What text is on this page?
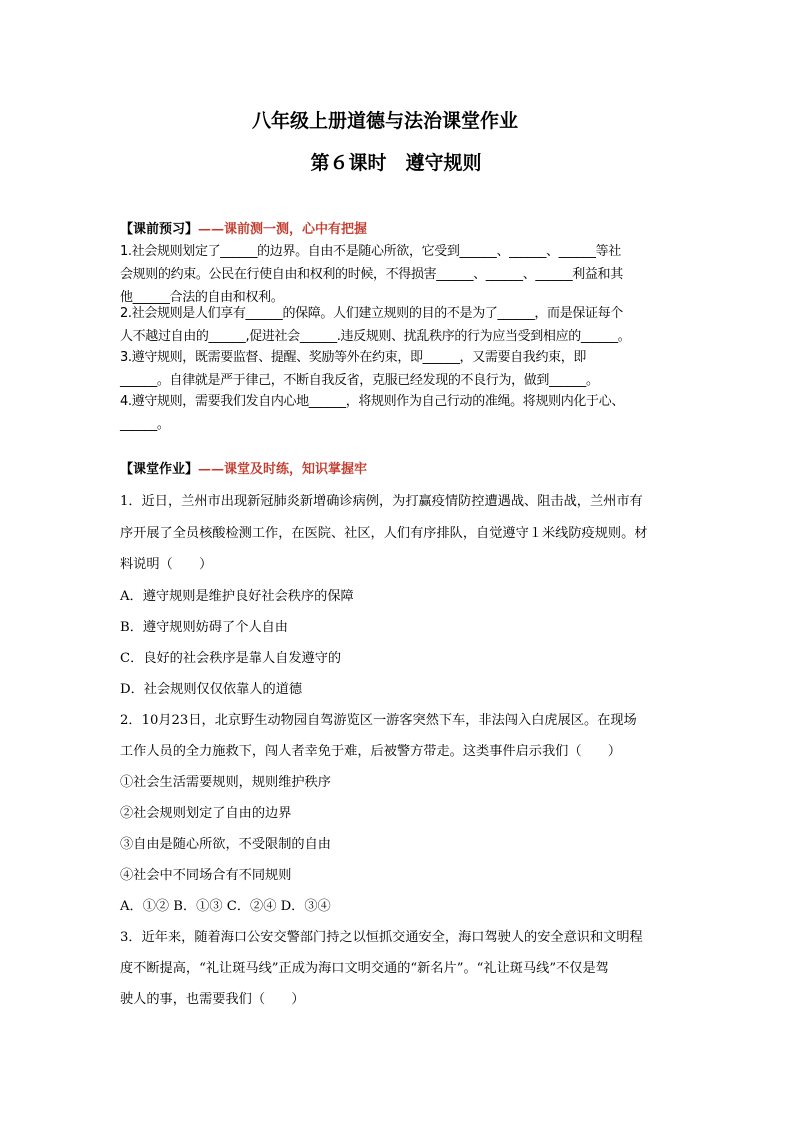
八年级上册道德与法治课堂作业
第６课时　遵守规则
【课前预习】——课前测一测，心中有把握
1.社会规则划定了______的边界。自由不是随心所欲，它受到______、______、______等社
会规则的约束。公民在行使自由和权利的时候，不得损害______、______、______利益和其
他______合法的自由和权利。
2.社会规则是人们享有______的保障。人们建立规则的目的不是为了______，而是保证每个
人不越过自由的______,促进社会______.违反规则、扰乱秩序的行为应当受到相应的______。
3.遵守规则，既需要监督、提醒、奖励等外在约束，即______，又需要自我约束，即
______。自律就是严于律己，不断自我反省，克服已经发现的不良行为，做到______。
4.遵守规则，需要我们发自内心地______，将规则作为自己行动的准绳。将规则内化于心、
______。
【课堂作业】——课堂及时练，知识掌握牢
1．近日，兰州市出现新冠肺炎新增确诊病例，为打赢疫情防控遭遇战、阻击战，兰州市有
序开展了全员核酸检测工作，在医院、社区，人们有序排队，自觉遵守１米线防疫规则。材
料说明（　　）
A．遵守规则是维护良好社会秩序的保障
B．遵守规则妨碍了个人自由
C．良好的社会秩序是靠人自发遵守的
D．社会规则仅仅依靠人的道德
2．10月23日，北京野生动物园自驾游览区一游客突然下车，非法闯入白虎展区。在现场
工作人员的全力施救下，闯人者幸免于难，后被警方带走。这类事件启示我们（　　）
①社会生活需要规则，规则维护秩序
②社会规则划定了自由的边界
③自由是随心所欲，不受限制的自由
④社会中不同场合有不同规则
A．①② B．①③ C．②④ D．③④
3．近年来，随着海口公安交警部门持之以恒抓交通安全，海口驾驶人的安全意识和文明程
度不断提高，“礼让斑马线”正成为海口文明交通的“新名片”。“礼让斑马线”不仅是驾
驶人的事，也需要我们（　　）
